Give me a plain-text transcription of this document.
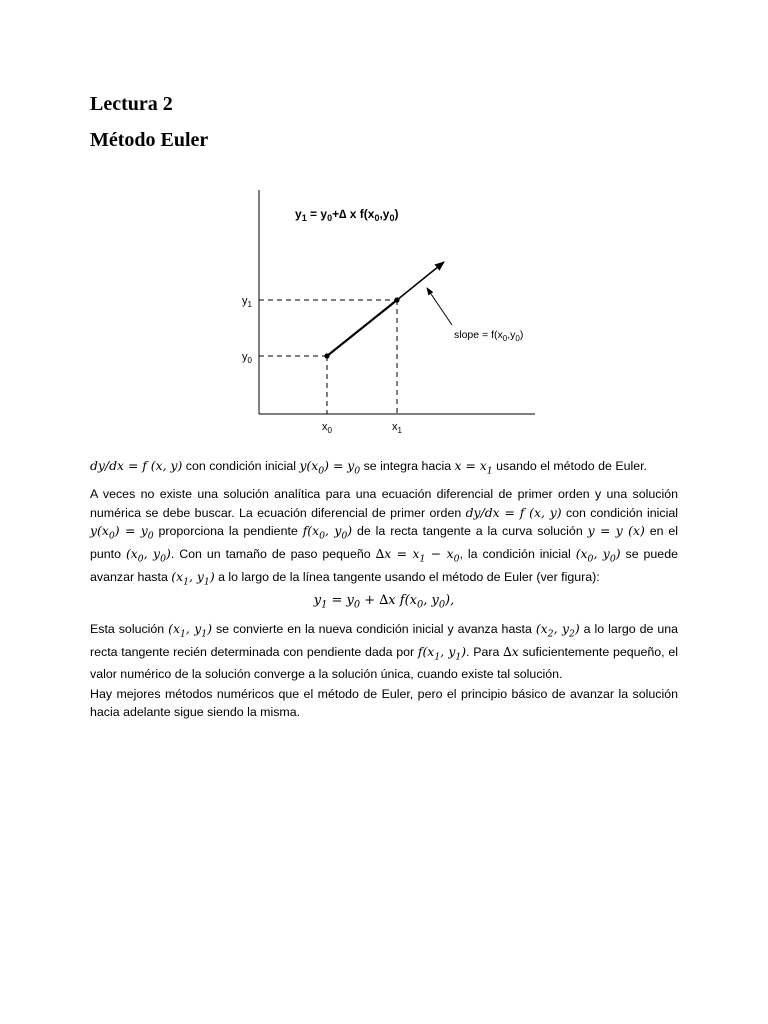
Lectura 2
Método Euler
$y_1 = y_0+\Delta$ x $f(x_0,y_0)$
$y_1$
$y_0$
$x_0$	$x_1$
slope = $f(x_0,y_0)$

dy/dx = f (x, y) con condición inicial $y(x_0) = y_0$ se integra hacia $x = x_1$ usando el método de Euler.

A veces no existe una solución analítica para una ecuación diferencial de primer orden y una solución numérica se debe buscar. La ecuación diferencial de primer orden dy/dx = f (x, y) con condición inicial $y(x_0) = y_0$ proporciona la pendiente $f(x_0$, $y_0$) de la recta tangente a la curva solución y = y (x) en el punto ($x_0$, $y_0$). Con un tamaño de paso pequeño $\Delta x = x_1 - x_0$, la condición inicial ($x_0$, $y_0$) se puede avanzar hasta ($x_1$, $y_1$) a lo largo de la línea tangente usando el método de Euler (ver figura):

$y_1 = y_0 + \Delta x$ $f(x_0$, $y_0$),

Esta solución ($x_1$, $y_1$) se convierte en la nueva condición inicial y avanza hasta ($x_2$, $y_2$) a lo largo de una recta tangente recién determinada con pendiente dada por $f(x_1$, $y_1$). Para ∆x suficientemente pequeño, el valor numérico de la solución converge a la solución única, cuando existe tal solución.

Hay mejores métodos numéricos que el método de Euler, pero el principio básico de avanzar la solución hacia adelante sigue siendo la misma.
